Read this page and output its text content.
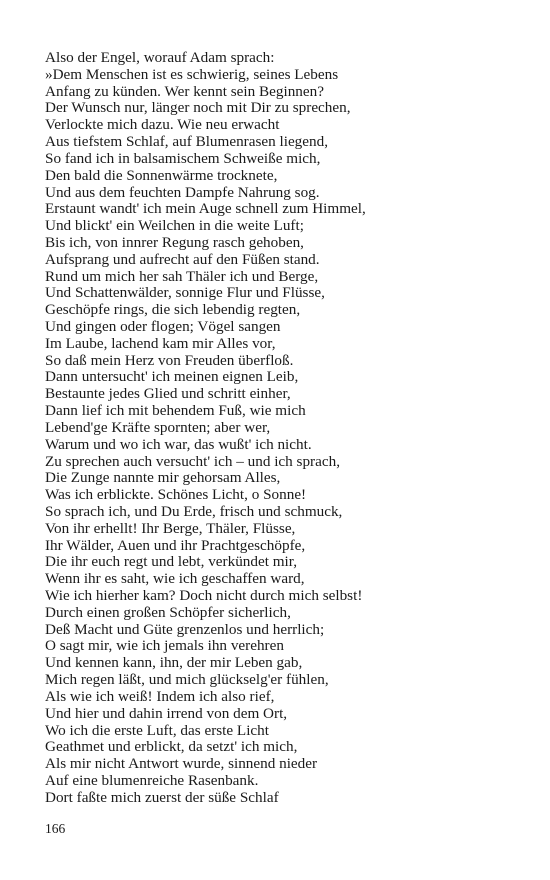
Also der Engel, worauf Adam sprach:
»Dem Menschen ist es schwierig, seines Lebens
Anfang zu künden. Wer kennt sein Beginnen?
Der Wunsch nur, länger noch mit Dir zu sprechen,
Verlockte mich dazu. Wie neu erwacht
Aus tiefstem Schlaf, auf Blumenrasen liegend,
So fand ich in balsamischem Schweiße mich,
Den bald die Sonnenwärme trocknete,
Und aus dem feuchten Dampfe Nahrung sog.
Erstaunt wandt' ich mein Auge schnell zum Himmel,
Und blickt' ein Weilchen in die weite Luft;
Bis ich, von innrer Regung rasch gehoben,
Aufsprang und aufrecht auf den Füßen stand.
Rund um mich her sah Thäler ich und Berge,
Und Schattenwälder, sonnige Flur und Flüsse,
Geschöpfe rings, die sich lebendig regten,
Und gingen oder flogen; Vögel sangen
Im Laube, lachend kam mir Alles vor,
So daß mein Herz von Freuden überfloß.
Dann untersucht' ich meinen eignen Leib,
Bestaunte jedes Glied und schritt einher,
Dann lief ich mit behendem Fuß, wie mich
Lebend'ge Kräfte spornten; aber wer,
Warum und wo ich war, das wußt' ich nicht.
Zu sprechen auch versucht' ich – und ich sprach,
Die Zunge nannte mir gehorsam Alles,
Was ich erblickte. Schönes Licht, o Sonne!
So sprach ich, und Du Erde, frisch und schmuck,
Von ihr erhellt! Ihr Berge, Thäler, Flüsse,
Ihr Wälder, Auen und ihr Prachtgeschöpfe,
Die ihr euch regt und lebt, verkündet mir,
Wenn ihr es saht, wie ich geschaffen ward,
Wie ich hierher kam? Doch nicht durch mich selbst!
Durch einen großen Schöpfer sicherlich,
Deß Macht und Güte grenzenlos und herrlich;
O sagt mir, wie ich jemals ihn verehren
Und kennen kann, ihn, der mir Leben gab,
Mich regen läßt, und mich glückselg'er fühlen,
Als wie ich weiß! Indem ich also rief,
Und hier und dahin irrend von dem Ort,
Wo ich die erste Luft, das erste Licht
Geathmet und erblickt, da setzt' ich mich,
Als mir nicht Antwort wurde, sinnend nieder
Auf eine blumenreiche Rasenbank.
Dort faßte mich zuerst der süße Schlaf
166
